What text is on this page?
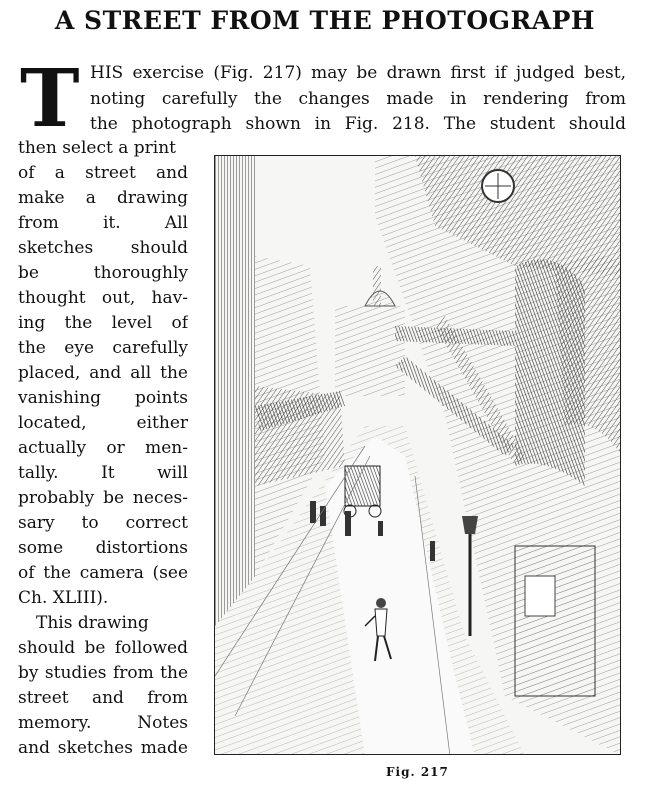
A STREET FROM THE PHOTOGRAPH
T HIS exercise (Fig. 217) may be drawn first if judged best,
noting carefully the changes made in rendering from
the photograph shown in Fig. 218. The student should
then select a print
of a street and
make a drawing
from it. All
sketches should
be thoroughly
thought out, hav-
ing the level of
the eye carefully
placed, and all the
vanishing points
located, either
actually or men-
tally. It will
probably be neces-
sary to correct
some distortions
of the camera (see
Ch. XLIII).
This drawing
should be followed
by studies from the
street and from
memory. Notes
and sketches made
Fig. 217
